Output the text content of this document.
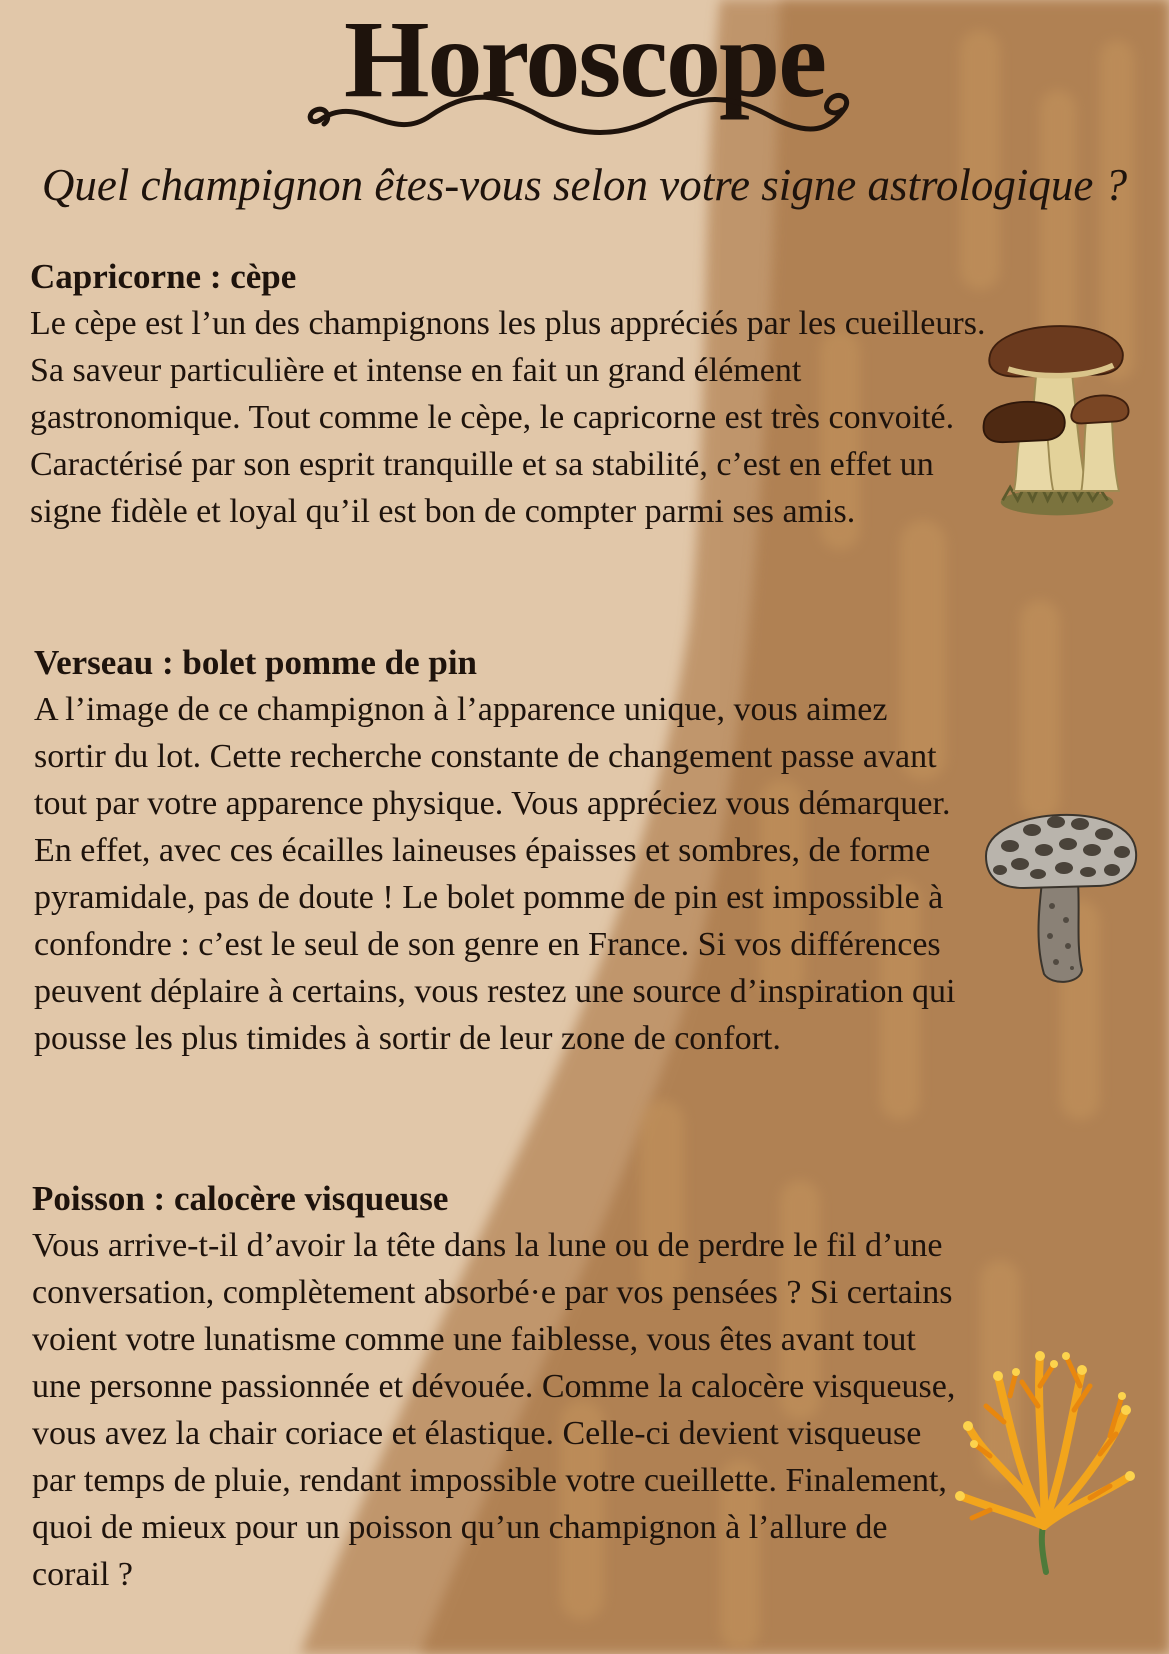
Horoscope

Quel champignon êtes-vous selon votre signe astrologique ?

Capricorne : cèpe

Le cèpe est l’un des champignons les plus appréciés par les cueilleurs. Sa saveur particulière et intense en fait un grand élément gastronomique. Tout comme le cèpe, le capricorne est très convoité. Caractérisé par son esprit tranquille et sa stabilité, c’est en effet un signe fidèle et loyal qu’il est bon de compter parmi ses amis.

Verseau : bolet pomme de pin

A l’image de ce champignon à l’apparence unique, vous aimez sortir du lot. Cette recherche constante de changement passe avant tout par votre apparence physique. Vous appréciez vous démarquer. En effet, avec ces écailles laineuses épaisses et sombres, de forme pyramidale, pas de doute ! Le bolet pomme de pin est impossible à confondre : c’est le seul de son genre en France. Si vos différences peuvent déplaire à certains, vous restez une source d’inspiration qui pousse les plus timides à sortir de leur zone de confort.

Poisson : calocère visqueuse

Vous arrive-t-il d’avoir la tête dans la lune ou de perdre le fil d’une conversation, complètement absorbé·e par vos pensées ? Si certains voient votre lunatisme comme une faiblesse, vous êtes avant tout une personne passionnée et dévouée. Comme la calocère visqueuse, vous avez la chair coriace et élastique. Celle-ci devient visqueuse par temps de pluie, rendant impossible votre cueillette. Finalement, quoi de mieux pour un poisson qu’un champignon à l’allure de corail ?
